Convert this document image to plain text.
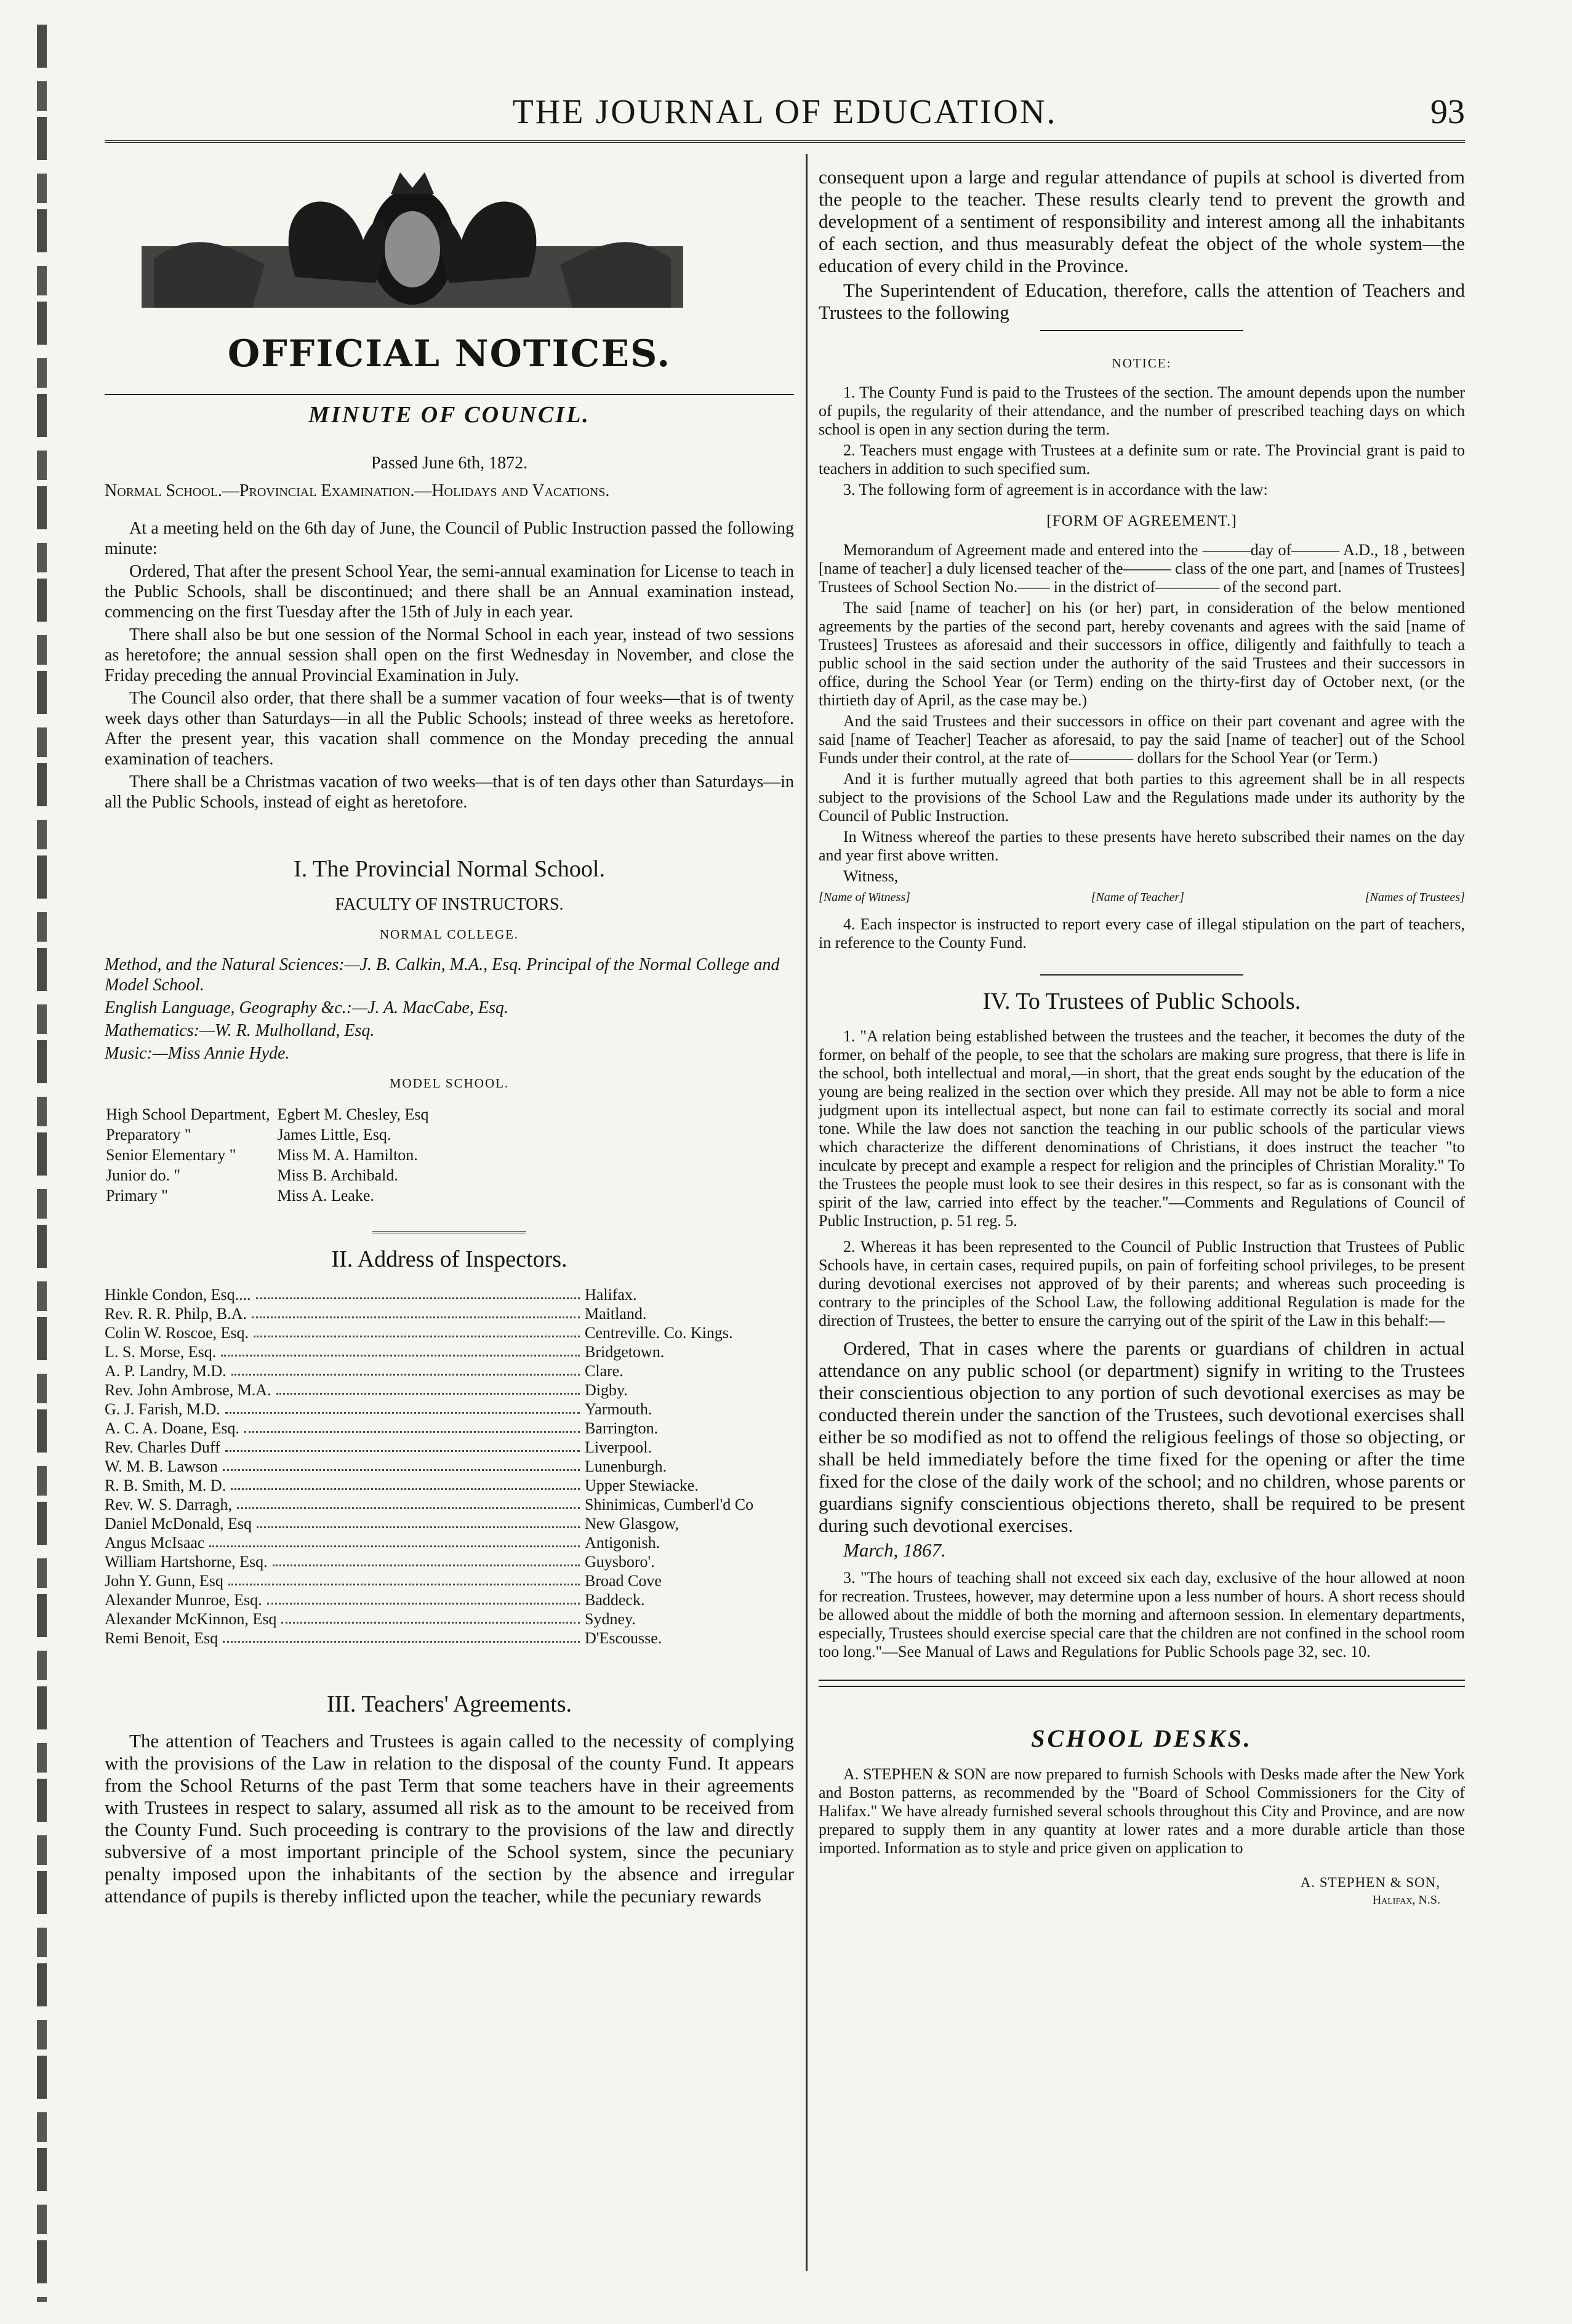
THE JOURNAL OF EDUCATION.	93
OFFICIAL NOTICES.
MINUTE OF COUNCIL.
Passed June 6th, 1872.
Normal School.—Provincial Examination.—Holidays and Vacations.

At a meeting held on the 6th day of June, the Council of Public Instruction passed the following minute:

Ordered, That after the present School Year, the semi-annual examination for License to teach in the Public Schools, shall be discontinued; and there shall be an Annual examination instead, commencing on the first Tuesday after the 15th of July in each year.

There shall also be but one session of the Normal School in each year, instead of two sessions as heretofore; the annual session shall open on the first Wednesday in November, and close the Friday preceding the annual Provincial Examination in July.

The Council also order, that there shall be a summer vacation of four weeks—that is of twenty week days other than Saturdays—in all the Public Schools; instead of three weeks as heretofore. After the present year, this vacation shall commence on the Monday preceding the annual examination of teachers.

There shall be a Christmas vacation of two weeks—that is of ten days other than Saturdays—in all the Public Schools, instead of eight as heretofore.

I. The Provincial Normal School.
FACULTY OF INSTRUCTORS.
NORMAL COLLEGE.

Method, and the Natural Sciences:—J. B. Calkin, M.A., Esq. Principal of the Normal College and Model School.

English Language, Geography &c.:—J. A. MacCabe, Esq.

Mathematics:—W. R. Mulholland, Esq.

Music:—Miss Annie Hyde.

MODEL SCHOOL.
High School Department,	Egbert M. Chesley, Esq
Preparatory "	James Little, Esq.
Senior Elementary "	Miss M. A. Hamilton.
Junior do. "	Miss B. Archibald.
Primary "	Miss A. Leake.
II. Address of Inspectors.
Hinkle Condon, Esq....	Halifax.
Rev. R. R. Philp, B.A.	Maitland.
Colin W. Roscoe, Esq.	Centreville. Co. Kings.
L. S. Morse, Esq.	Bridgetown.
A. P. Landry, M.D.	Clare.
Rev. John Ambrose, M.A.	Digby.
G. J. Farish, M.D.	Yarmouth.
A. C. A. Doane, Esq.	Barrington.
Rev. Charles Duff	Liverpool.
W. M. B. Lawson	Lunenburgh.
R. B. Smith, M. D.	Upper Stewiacke.
Rev. W. S. Darragh,	Shinimicas, Cumberl'd Co
Daniel McDonald, Esq	New Glasgow,
Angus McIsaac	Antigonish.
William Hartshorne, Esq.	Guysboro'.
John Y. Gunn, Esq	Broad Cove
Alexander Munroe, Esq.	Baddeck.
Alexander McKinnon, Esq	Sydney.
Remi Benoit, Esq	D'Escousse.
III. Teachers' Agreements.

The attention of Teachers and Trustees is again called to the necessity of complying with the provisions of the Law in relation to the disposal of the county Fund. It appears from the School Returns of the past Term that some teachers have in their agreements with Trustees in respect to salary, assumed all risk as to the amount to be received from the County Fund. Such proceeding is contrary to the provisions of the law and directly subversive of a most important principle of the School system, since the pecuniary penalty imposed upon the inhabitants of the section by the absence and irregular attendance of pupils is thereby inflicted upon the teacher, while the pecuniary rewards

consequent upon a large and regular attendance of pupils at school is diverted from the people to the teacher. These results clearly tend to prevent the growth and development of a sentiment of responsibility and interest among all the inhabitants of each section, and thus measurably defeat the object of the whole system—the education of every child in the Province.

The Superintendent of Education, therefore, calls the attention of Teachers and Trustees to the following

NOTICE:

1. The County Fund is paid to the Trustees of the section. The amount depends upon the number of pupils, the regularity of their attendance, and the number of prescribed teaching days on which school is open in any section during the term.

2. Teachers must engage with Trustees at a definite sum or rate. The Provincial grant is paid to teachers in addition to such specified sum.

3. The following form of agreement is in accordance with the law:

[FORM OF AGREEMENT.]

Memorandum of Agreement made and entered into the ———day of——— A.D., 18 , between [name of teacher] a duly licensed teacher of the——— class of the one part, and [names of Trustees] Trustees of School Section No.—— in the district of———— of the second part.

The said [name of teacher] on his (or her) part, in consideration of the below mentioned agreements by the parties of the second part, hereby covenants and agrees with the said [name of Trustees] Trustees as aforesaid and their successors in office, diligently and faithfully to teach a public school in the said section under the authority of the said Trustees and their successors in office, during the School Year (or Term) ending on the thirty-first day of October next, (or the thirtieth day of April, as the case may be.)

And the said Trustees and their successors in office on their part covenant and agree with the said [name of Teacher] Teacher as aforesaid, to pay the said [name of teacher] out of the School Funds under their control, at the rate of———— dollars for the School Year (or Term.)

And it is further mutually agreed that both parties to this agreement shall be in all respects subject to the provisions of the School Law and the Regulations made under its authority by the Council of Public Instruction.

In Witness whereof the parties to these presents have hereto subscribed their names on the day and year first above written.

Witness,

[Name of Witness]	[Name of Teacher]	[Names of Trustees]

4. Each inspector is instructed to report every case of illegal stipulation on the part of teachers, in reference to the County Fund.

IV. To Trustees of Public Schools.

1. "A relation being established between the trustees and the teacher, it becomes the duty of the former, on behalf of the people, to see that the scholars are making sure progress, that there is life in the school, both intellectual and moral,—in short, that the great ends sought by the education of the young are being realized in the section over which they preside. All may not be able to form a nice judgment upon its intellectual aspect, but none can fail to estimate correctly its social and moral tone. While the law does not sanction the teaching in our public schools of the particular views which characterize the different denominations of Christians, it does instruct the teacher "to inculcate by precept and example a respect for religion and the principles of Christian Morality." To the Trustees the people must look to see their desires in this respect, so far as is consonant with the spirit of the law, carried into effect by the teacher."—Comments and Regulations of Council of Public Instruction, p. 51 reg. 5.

2. Whereas it has been represented to the Council of Public Instruction that Trustees of Public Schools have, in certain cases, required pupils, on pain of forfeiting school privileges, to be present during devotional exercises not approved of by their parents; and whereas such proceeding is contrary to the principles of the School Law, the following additional Regulation is made for the direction of Trustees, the better to ensure the carrying out of the spirit of the Law in this behalf:—

Ordered, That in cases where the parents or guardians of children in actual attendance on any public school (or department) signify in writing to the Trustees their conscientious objection to any portion of such devotional exercises as may be conducted therein under the sanction of the Trustees, such devotional exercises shall either be so modified as not to offend the religious feelings of those so objecting, or shall be held immediately before the time fixed for the opening or after the time fixed for the close of the daily work of the school; and no children, whose parents or guardians signify conscientious objections thereto, shall be required to be present during such devotional exercises.

March, 1867.

3. "The hours of teaching shall not exceed six each day, exclusive of the hour allowed at noon for recreation. Trustees, however, may determine upon a less number of hours. A short recess should be allowed about the middle of both the morning and afternoon session. In elementary departments, especially, Trustees should exercise special care that the children are not confined in the school room too long."—See Manual of Laws and Regulations for Public Schools page 32, sec. 10.

SCHOOL DESKS.

A. STEPHEN & SON are now prepared to furnish Schools with Desks made after the New York and Boston patterns, as recommended by the "Board of School Commissioners for the City of Halifax." We have already furnished several schools throughout this City and Province, and are now prepared to supply them in any quantity at lower rates and a more durable article than those imported. Information as to style and price given on application to

A. STEPHEN & SON,
Halifax, N.S.
